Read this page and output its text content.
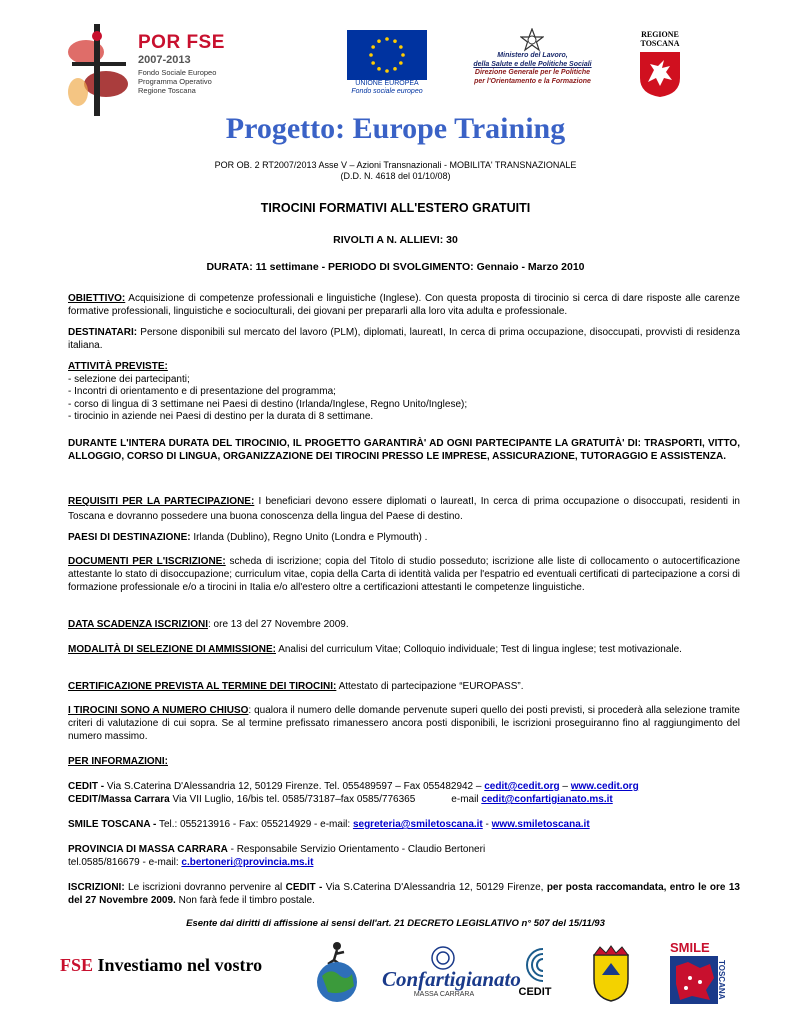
POR FSE
2007-2013
Fondo Sociale Europeo
Programma Operativo
Regione Toscana
UNIONE EUROPEA
Fondo sociale europeo
Ministero del Lavoro,
della Salute e delle Politiche Sociali
Direzione Generale per le Politiche
per l'Orientamento e la Formazione
REGIONE
TOSCANA
Progetto: Europe Training
POR OB. 2 RT2007/2013 Asse V – Azioni Transnazionali - MOBILITA' TRANSNAZIONALE
(D.D. N. 4618 del 01/10/08)
TIROCINI FORMATIVI ALL'ESTERO GRATUITI
RIVOLTI A N. ALLIEVI: 30
DURATA: 11 settimane - PERIODO DI SVOLGIMENTO: Gennaio - Marzo 2010
OBIETTIVO: Acquisizione di competenze professionali e linguistiche (Inglese). Con questa proposta di tirocinio si cerca di dare risposte alle carenze formative professionali, linguistiche e socioculturali, dei giovani per prepararli alla loro vita adulta e professionale.
DESTINATARI: Persone disponibili sul mercato del lavoro (PLM), diplomati, laureatI, In cerca di prima occupazione, disoccupati, provvisti di residenza italiana.
ATTIVITÀ PREVISTE:
- selezione dei partecipanti;
- Incontri di orientamento e di presentazione del programma;
- corso di lingua di 3 settimane nei Paesi di destino (Irlanda/Inglese, Regno Unito/Inglese);
- tirocinio in aziende nei Paesi di destino per la durata di 8 settimane.
DURANTE L'INTERA DURATA DEL TIROCINIO, IL PROGETTO GARANTIRÀ' AD OGNI PARTECIPANTE LA GRATUITÀ' DI: TRASPORTI, VITTO, ALLOGGIO, CORSO DI LINGUA, ORGANIZZAZIONE DEI TIROCINI PRESSO LE IMPRESE, ASSICURAZIONE, TUTORAGGIO E ASSISTENZA.
REQUISITI PER LA PARTECIPAZIONE: I beneficiari devono essere diplomati o laureatI, In cerca di prima occupazione o disoccupati, residenti in Toscana e dovranno possedere una buona conoscenza della lingua del Paese di destino.
PAESI DI DESTINAZIONE: Irlanda (Dublino), Regno Unito (Londra e Plymouth) .
DOCUMENTI PER L'ISCRIZIONE: scheda di iscrizione; copia del Titolo di studio posseduto; iscrizione alle liste di collocamento o autocertificazione attestante lo stato di disoccupazione; curriculum vitae, copia della Carta di identità valida per l'espatrio ed eventuali certificati di partecipazione a corsi di formazione professionale e/o a tirocini in Italia e/o all'estero oltre a certificazioni attestanti le competenze linguistiche.
DATA SCADENZA ISCRIZIONI: ore 13 del 27 Novembre 2009.
MODALITÀ DI SELEZIONE DI AMMISSIONE: Analisi del curriculum Vitae; Colloquio individuale; Test di lingua inglese; test motivazionale.
CERTIFICAZIONE PREVISTA AL TERMINE DEI TIROCINI: Attestato di partecipazione “EUROPASS”.
I TIROCINI SONO A NUMERO CHIUSO: qualora il numero delle domande pervenute superi quello dei posti previsti, si procederà alla selezione tramite criteri di valutazione di cui sopra. Se al termine prefissato rimanessero ancora posti disponibili, le iscrizioni proseguiranno fino al raggiungimento del numero massimo.
PER INFORMAZIONI:
CEDIT - Via S.Caterina D'Alessandria 12, 50129 Firenze. Tel. 055489597 – Fax 055482942 – cedit@cedit.org – www.cedit.org
CEDIT/Massa Carrara Via VII Luglio, 16/bis tel. 0585/73187–fax 0585/776365	e-mail cedit@confartigianato.ms.it
SMILE TOSCANA - Tel.: 055213916 - Fax: 055214929 - e-mail: segreteria@smiletoscana.it - www.smiletoscana.it
PROVINCIA DI MASSA CARRARA - Responsabile Servizio Orientamento - Claudio Bertoneri
tel.0585/816679 - e-mail: c.bertoneri@provincia.ms.it
ISCRIZIONI: Le iscrizioni dovranno pervenire al CEDIT - Via S.Caterina D'Alessandria 12, 50129 Firenze, per posta raccomandata, entro le ore 13 del 27 Novembre 2009. Non farà fede il timbro postale.
Esente dai diritti di affissione ai sensi dell'art. 21 DECRETO LEGISLATIVO n° 507 del 15/11/93
FSE Investiamo nel vostro
Confartigianato
MASSA CARRARA	CEDIT
SMILE
TOSCANA
